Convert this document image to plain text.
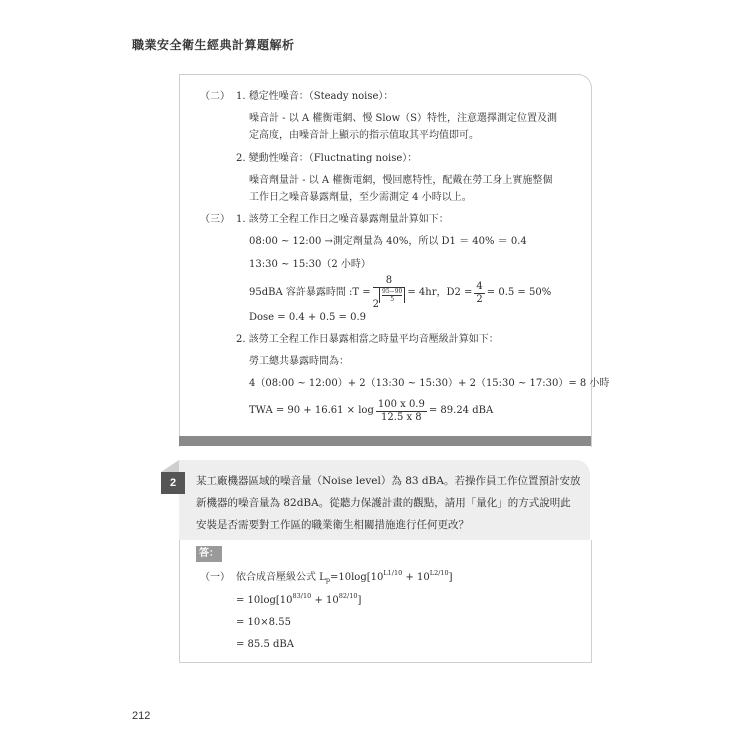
職業安全衛生經典計算題解析
（二） 1. 穩定性噪音：（Steady noise）：
噪音計 - 以 A 權衡電網、慢 Slow（S）特性，注意選擇測定位置及測
定高度，由噪音計上顯示的指示值取其平均值即可。
2. 變動性噪音：（Fluctnating noise）：
噪音劑量計 - 以 A 權衡電網，慢回應特性，配戴在勞工身上實施整個
工作日之噪音暴露劑量，至少需測定 4 小時以上。
（三） 1. 該勞工全程工作日之噪音暴露劑量計算如下：
08:00 ~ 12:00 →測定劑量為 40%，所以 D1 ＝ 40% ＝ 0.4
13:30 ~ 15:30（2 小時）
95dBA 容許暴露時間 :T = 8
2
$\frac{95-90}{5} = 4hr$，$D2 = \frac{4}{2} = 0.5 = 50\%$
Dose = 0.4 + 0.5 = 0.9
2. 該勞工全程工作日暴露相當之時量平均音壓級計算如下：
勞工總共暴露時間為：
4（08:00 ~ 12:00）+ 2（13:30 ~ 15:30）+ 2（15:30 ~ 17:30）= 8 小時
TWA = $90 + 16.61 \times \log \frac{100 x 0.9}{12.5 x 8} = 89.24$ dBA
2	某工廠機器區域的噪音量（Noise level）為 83 dBA。若操作員工作位置預計安放
新機器的噪音量為 82dBA。從聽力保護計畫的觀點，請用「量化」的方式說明此
安裝是否需要對工作區的職業衛生相關措施進行任何更改？
答：
（一） 依合成音壓級公式 $L_p=10\log[10^{L1/10} + 10^{L2/10}]$
= $10\log[10^{83/10} + 10^{82/10}]$
= 10×8.55
= 85.5 dBA
212
